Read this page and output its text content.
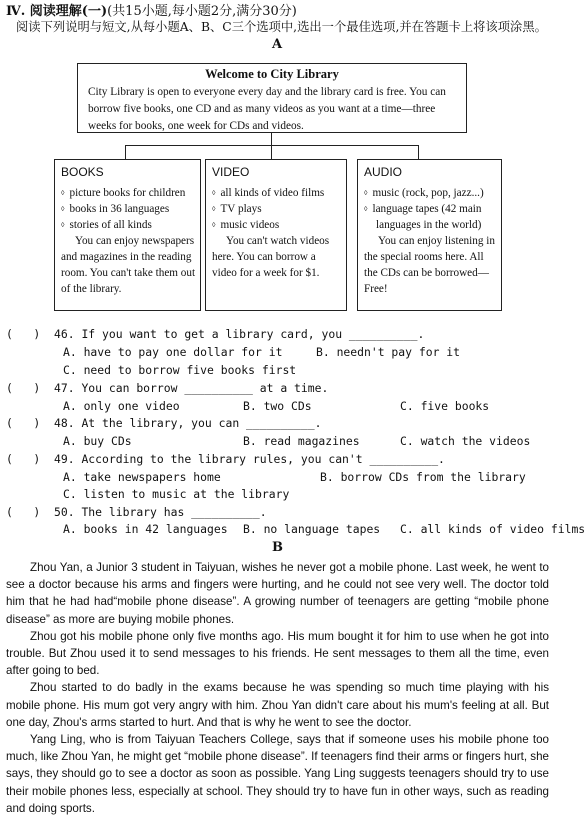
Ⅳ. 阅读理解(一)(共15小题,每小题2分,满分30分)
阅读下列说明与短文,从每小题A、B、C三个选项中,选出一个最佳选项,并在答题卡上将该项涂黑。
A
Welcome to City Library
City Library is open to everyone every day and the library card is free. You can borrow five books, one CD and as many videos as you want at a time—three weeks for books, one week for CDs and videos.
BOOKS
◊ picture books for children
◊ books in 36 languages
◊ stories of all kinds
You can enjoy newspapers and magazines in the reading room. You can't take them out of the library.
VIDEO
◊ all kinds of video films
◊ TV plays
◊ music videos
You can't watch videos here. You can borrow a video for a week for $1.
AUDIO
◊ music (rock, pop, jazz...)
◊ language tapes (42 main
languages in the world)
You can enjoy listening in the special rooms here. All the CDs can be borrowed—Free!
(   )  46. If you want to get a library card, you __________.
A. have to pay one dollar for it	B. needn't pay for it
C. need to borrow five books first
(   )  47. You can borrow __________ at a time.
A. only one video	B. two CDs	C. five books
(   )  48. At the library, you can __________.
A. buy CDs	B. read magazines	C. watch the videos
(   )  49. According to the library rules, you can't __________.
A. take newspapers home	B. borrow CDs from the library
C. listen to music at the library
(   )  50. The library has __________.
A. books in 42 languages B. no language tapes C. all kinds of video films
B

Zhou Yan, a Junior 3 student in Taiyuan, wishes he never got a mobile phone. Last week, he went to see a doctor because his arms and fingers were hurting, and he could not see very well. The doctor told him that he had had“mobile phone disease”. A growing number of teenagers are getting “mobile phone disease” as more are buying mobile phones.

Zhou got his mobile phone only five months ago. His mum bought it for him to use when he got into trouble. But Zhou used it to send messages to his friends. He sent messages to them all the time, even after going to bed.

Zhou started to do badly in the exams because he was spending so much time playing with his mobile phone. His mum got very angry with him. Zhou Yan didn't care about his mum's feeling at all. But one day, Zhou's arms started to hurt. And that is why he went to see the doctor.

Yang Ling, who is from Taiyuan Teachers College, says that if someone uses his mobile phone too much, like Zhou Yan, he might get “mobile phone disease”. If teenagers find their arms or fingers hurt, she says, they should go to see a doctor as soon as possible. Yang Ling suggests teenagers should try to use their mobile phones less, especially at school. They should try to have fun in other ways, such as reading and doing sports.
